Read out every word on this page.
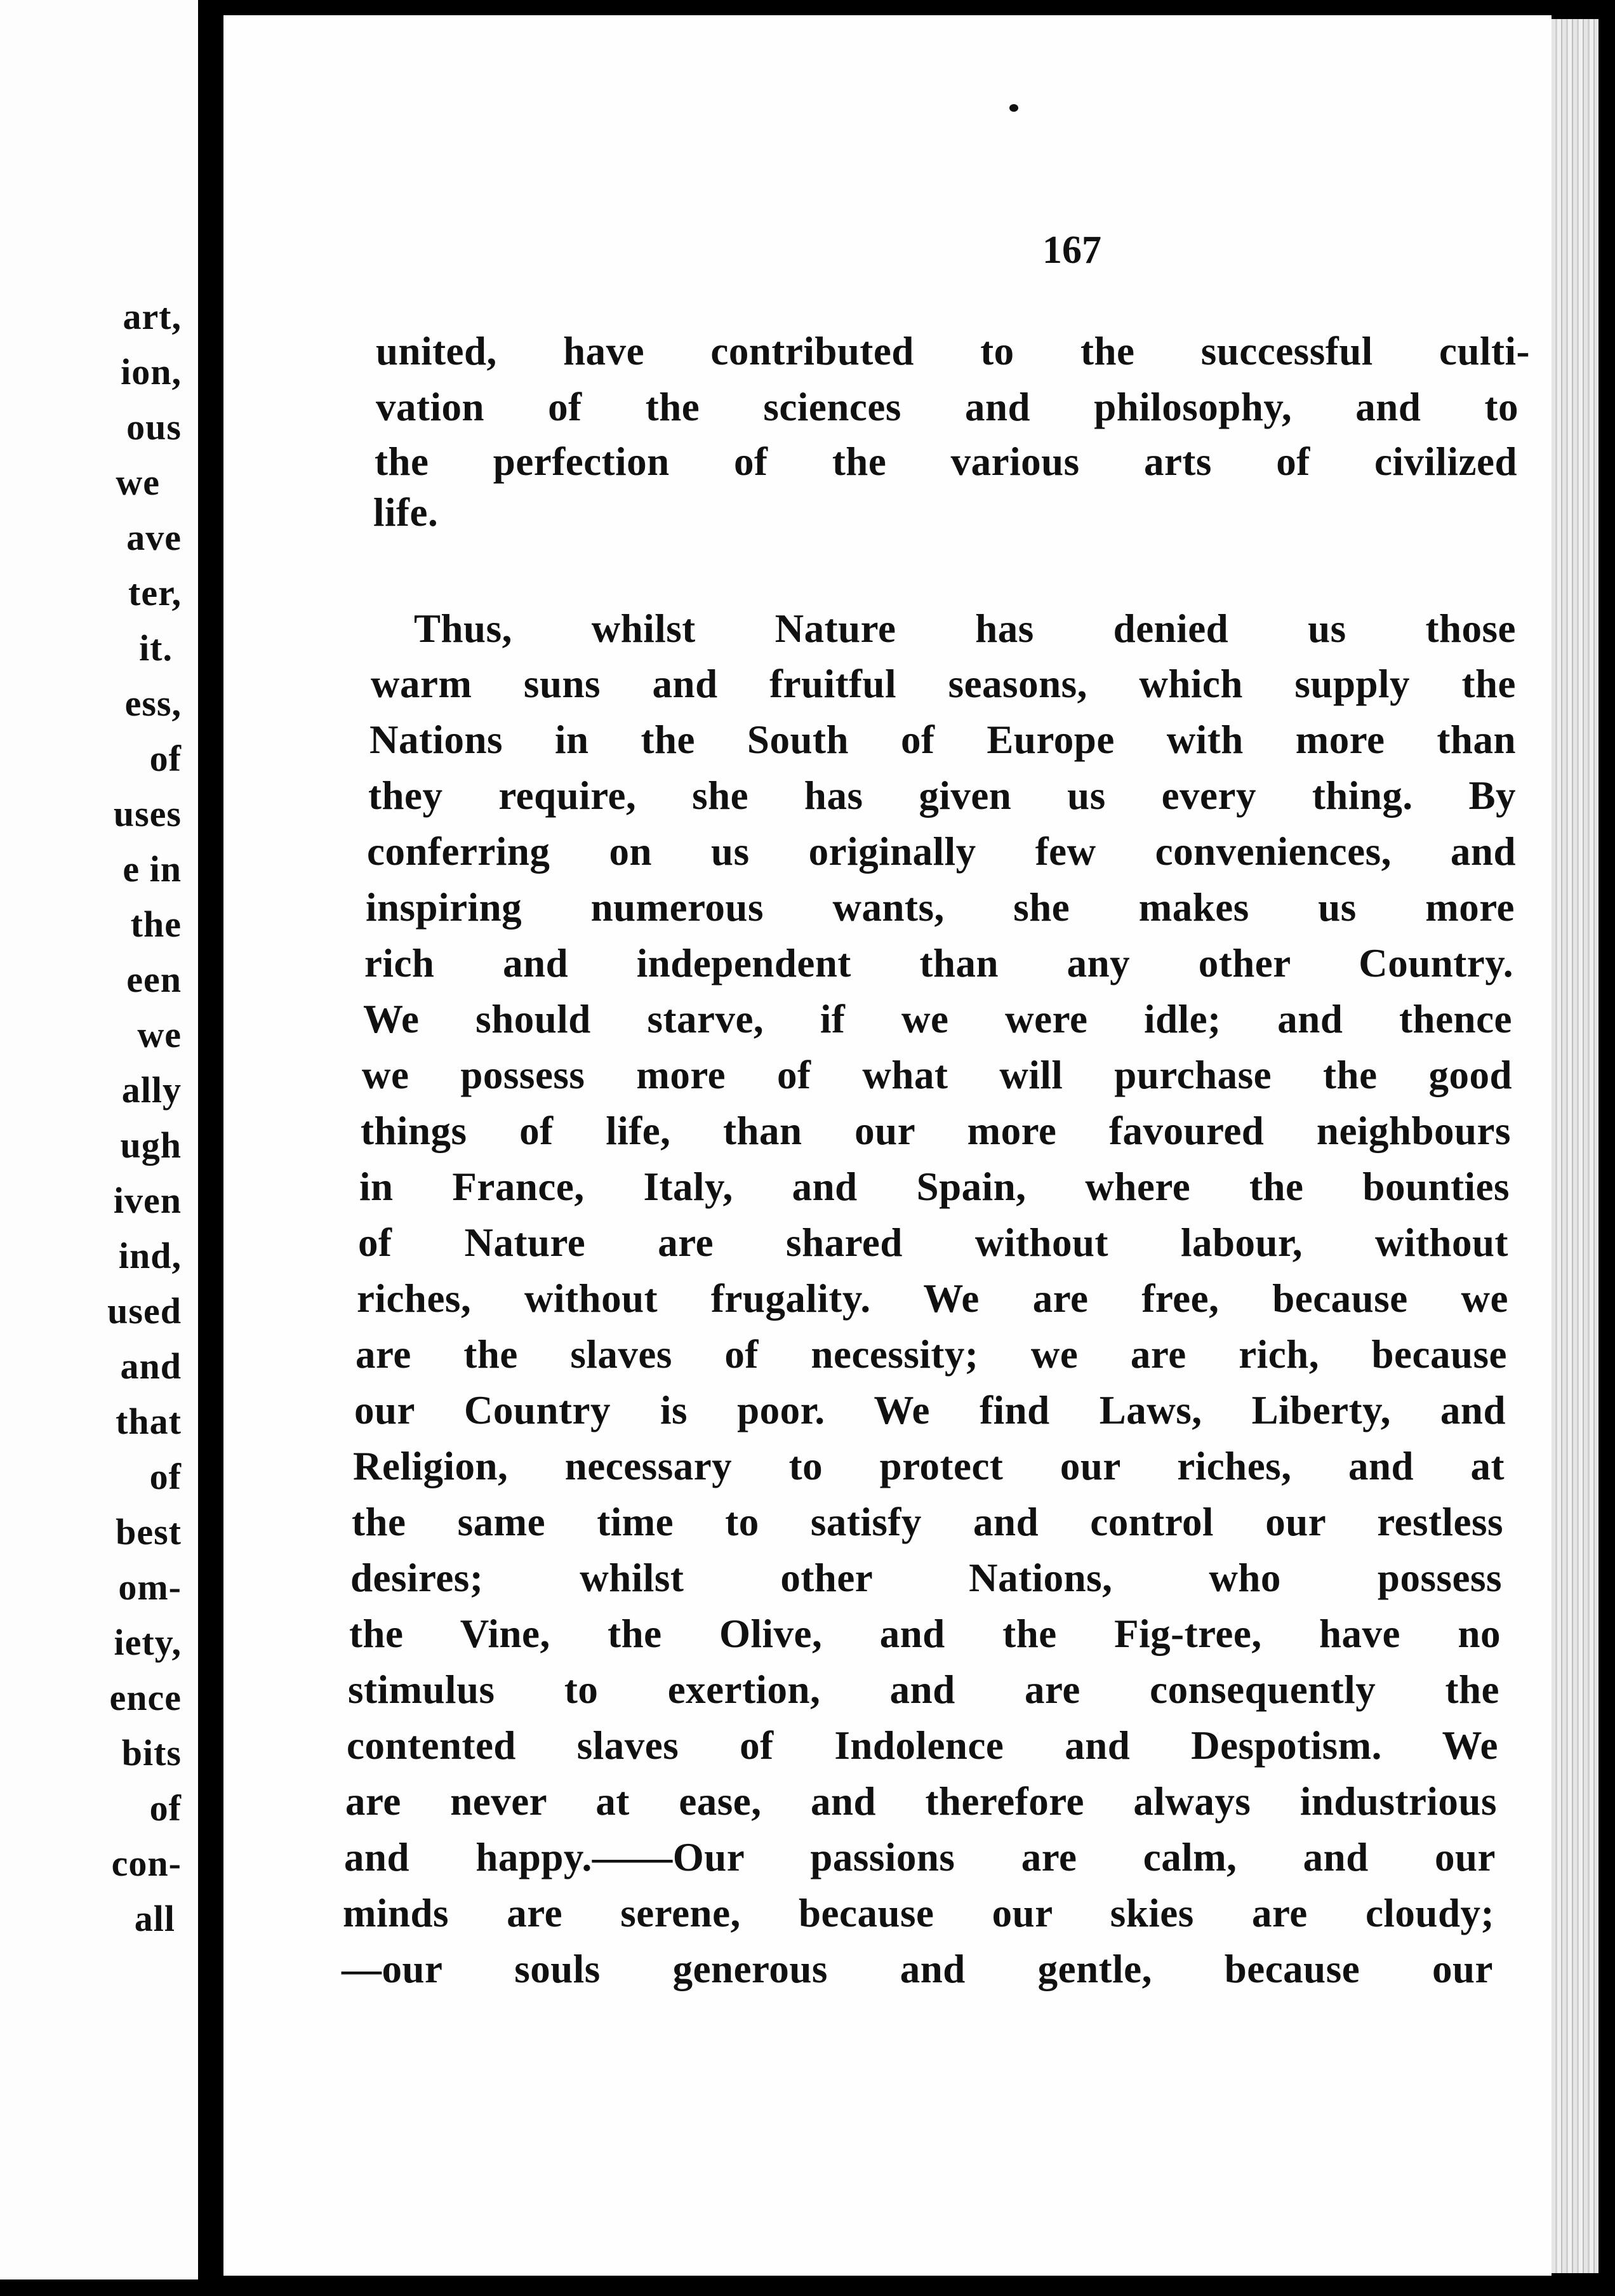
art,
ion,
ous
we
ave
ter,
it.
ess,
of
uses
e in
the
een
we
ally
ugh
iven
ind,
used
and
that
of
best
om-
iety,
ence
bits
of
con-
all
167
united, have contributed to the successful culti-
vation of the sciences and philosophy, and to
the perfection of the various arts of civilized
life.
Thus, whilst Nature has denied us those
warm suns and fruitful seasons, which supply the
Nations in the South of Europe with more than
they require, she has given us every thing. By
conferring on us originally few conveniences, and
inspiring numerous wants, she makes us more
rich and independent than any other Country.
We should starve, if we were idle; and thence
we possess more of what will purchase the good
things of life, than our more favoured neighbours
in France, Italy, and Spain, where the bounties
of Nature are shared without labour, without
riches, without frugality. We are free, because we
are the slaves of necessity; we are rich, because
our Country is poor. We find Laws, Liberty, and
Religion, necessary to protect our riches, and at
the same time to satisfy and control our restless
desires; whilst other Nations, who possess
the Vine, the Olive, and the Fig-tree, have no
stimulus to exertion, and are consequently the
contented slaves of Indolence and Despotism. We
are never at ease, and therefore always industrious
and happy.——Our passions are calm, and our
minds are serene, because our skies are cloudy;
—our souls generous and gentle, because our
